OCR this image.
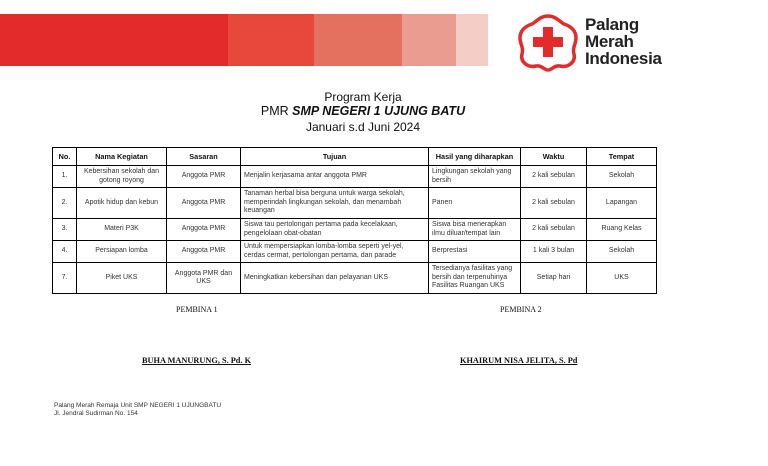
Palang
Merah
Indonesia
Program Kerja
PMR SMP NEGERI 1 UJUNG BATU
Januari s.d Juni 2024
No.	Nama Kegiatan	Sasaran	Tujuan	Hasil yang diharapkan	Waktu	Tempat
1.	Kebersihan sekolah dan gotong royong	Anggota PMR	Menjalin kerjasama antar anggota PMR	Lingkungan sekolah yang bersih	2 kali sebulan	Sekolah
2.	Apotik hidup dan kebun	Anggota PMR	Tanaman herbal bisa berguna untuk warga sekolah, memperindah lingkungan sekolah, dan menambah keuangan	Panen	2 kali sebulan	Lapangan
3.	Materi P3K	Anggota PMR	Siswa tau pertolongan pertama pada kecelakaan, pengelolaan obat-obatan	Siswa bisa menerapkan ilmu diluar/tempat lain	2 kali sebulan	Ruang Kelas
4.	Persiapan lomba	Anggota PMR	Untuk mempersiapkan lomba-lomba seperti yel-yel, cerdas cermat, pertolongan pertama, dan parade	Berprestasi	1 kali 3 bulan	Sekolah
7.	Piket UKS	Anggota PMR dan UKS	Meningkatkan kebersihan dan pelayanan UKS	Tersedianya fasilitas yang bersih dan terpenuhinya Fasilitas Ruangan UKS	Setiap hari	UKS
PEMBINA 1	PEMBINA 2
BUHA MANURUNG, S. Pd. K	KHAIRUM NISA JELITA, S. Pd
Palang Merah Remaja Unit SMP NEGERI 1 UJUNGBATU
Jl. Jendral Sudirman No. 154
